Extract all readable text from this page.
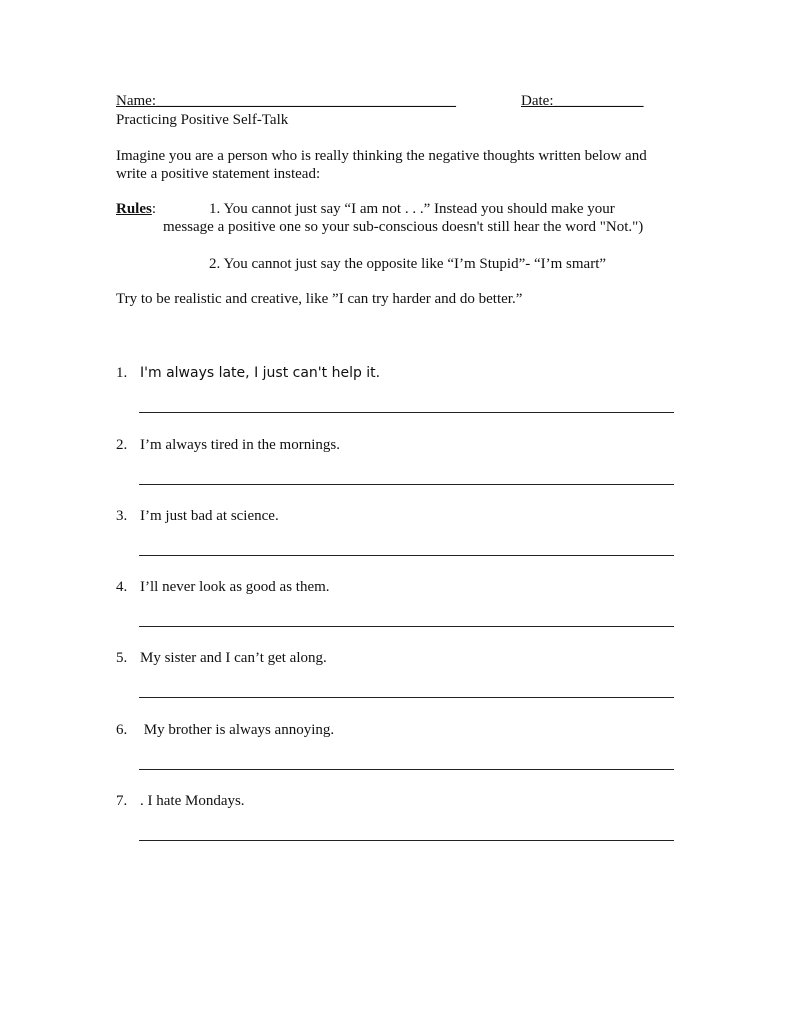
Name:________________________________________	Date:____________
Practicing Positive Self-Talk
Imagine you are a person who is really thinking the negative thoughts written below and
write a positive statement instead:
Rules:	1. You cannot just say “I am not . . .” Instead you should make your
message a positive one so your sub-conscious doesn't still hear the word "Not.")
2. You cannot just say the opposite like “I’m Stupid”- “I’m smart”
Try to be realistic and creative, like ”I can try harder and do better.”
1. I'm always late, I just can't help it.
2. I’m always tired in the mornings.
3. I’m just bad at science.
4. I’ll never look as good as them.
5. My sister and I can’t get along.
6. My brother is always annoying.
7. . I hate Mondays.
